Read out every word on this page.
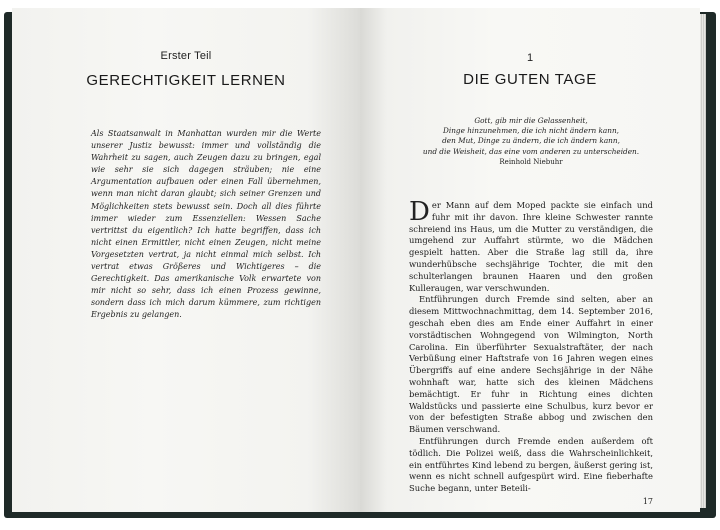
Erster Teil
GERECHTIGKEIT LERNEN
Als Staatsanwalt in Manhattan wurden mir die Werte unserer Justiz bewusst: immer und vollständig die Wahrheit zu sagen, auch Zeugen dazu zu bringen, egal wie sehr sie sich dagegen sträuben; nie eine Argumentation aufbauen oder einen Fall übernehmen, wenn man nicht daran glaubt; sich seiner Grenzen und Möglichkeiten stets bewusst sein. Doch all dies führte immer wieder zum Essenziellen: Wessen Sache vertrittst du eigentlich? Ich hatte begriffen, dass ich nicht einen Ermittler, nicht einen Zeugen, nicht meine Vorgesetzten vertrat, ja nicht einmal mich selbst. Ich vertrat etwas Größeres und Wichtigeres – die Gerechtigkeit. Das amerikanische Volk erwartete von mir nicht so sehr, dass ich einen Prozess gewinne, sondern dass ich mich darum kümmere, zum richtigen Ergebnis zu gelangen.
1
DIE GUTEN TAGE
Gott, gib mir die Gelassenheit,
Dinge hinzunehmen, die ich nicht ändern kann,
den Mut, Dinge zu ändern, die ich ändern kann,
und die Weisheit, das eine vom anderen zu unterscheiden.
Reinhold Niebuhr

Der Mann auf dem Moped packte sie einfach und fuhr mit ihr davon. Ihre kleine Schwester rannte schreiend ins Haus, um die Mutter zu verständigen, die umgehend zur Auffahrt stürmte, wo die Mädchen gespielt hatten. Aber die Straße lag still da, ihre wunderhübsche sechsjährige Tochter, die mit den schulterlangen braunen Haaren und den großen Kulleraugen, war verschwunden.

Entführungen durch Fremde sind selten, aber an diesem Mittwochnachmittag, dem 14. September 2016, geschah eben dies am Ende einer Auffahrt in einer vorstädtischen Wohngegend von Wilmington, North Carolina. Ein überführter Sexualstraftäter, der nach Verbüßung einer Haftstrafe von 16 Jahren wegen eines Übergriffs auf eine andere Sechsjährige in der Nähe wohnhaft war, hatte sich des kleinen Mädchens bemächtigt. Er fuhr in Richtung eines dichten Waldstücks und passierte eine Schulbus, kurz bevor er von der befestigten Straße abbog und zwischen den Bäumen verschwand.

Entführungen durch Fremde enden außerdem oft tödlich. Die Polizei weiß, dass die Wahrscheinlichkeit, ein entführtes Kind lebend zu bergen, äußerst gering ist, wenn es nicht schnell aufgespürt wird. Eine fieberhafte Suche begann, unter Beteili-

17
